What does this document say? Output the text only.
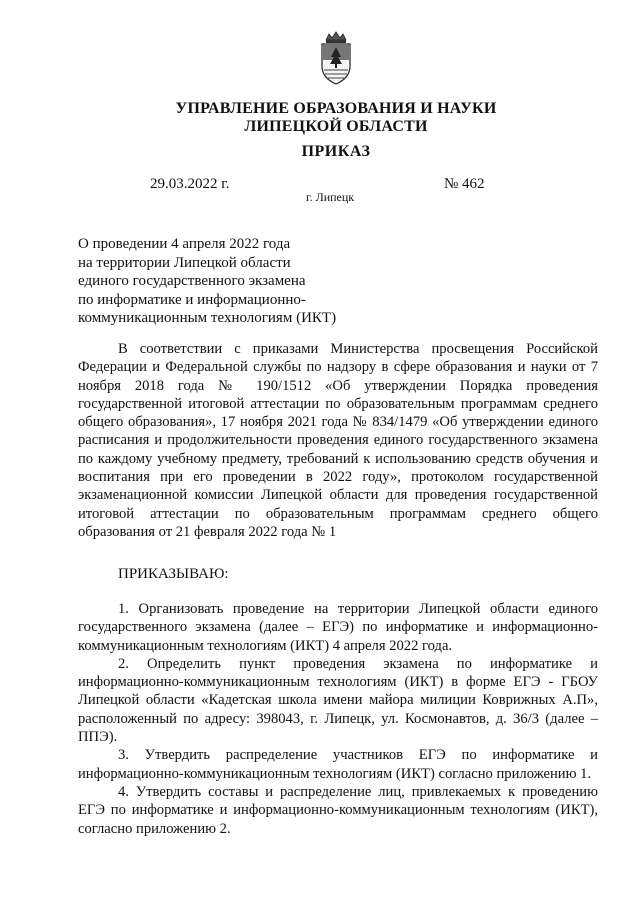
УПРАВЛЕНИЕ ОБРАЗОВАНИЯ И НАУКИ
ЛИПЕЦКОЙ ОБЛАСТИ
ПРИКАЗ
29.03.2022 г.	№ 462
г. Липецк
О проведении 4 апреля 2022 года
на территории Липецкой области
единого государственного экзамена
по информатике и информационно-
коммуникационным технологиям (ИКТ)

В соответствии с приказами Министерства просвещения Российской Федерации и Федеральной службы по надзору в сфере образования и науки от 7 ноября 2018 года № 190/1512 «Об утверждении Порядка проведения государственной итоговой аттестации по образовательным программам среднего общего образования», 17 ноября 2021 года № 834/1479 «Об утверждении единого расписания и продолжительности проведения единого государственного экзамена по каждому учебному предмету, требований к использованию средств обучения и воспитания при его проведении в 2022 году», протоколом государственной экзаменационной комиссии Липецкой области для проведения государственной итоговой аттестации по образовательным программам среднего общего образования от 21 февраля 2022 года № 1

ПРИКАЗЫВАЮ:

1. Организовать проведение на территории Липецкой области единого государственного экзамена (далее – ЕГЭ) по информатике и информационно-коммуникационным технологиям (ИКТ) 4 апреля 2022 года.

2. Определить пункт проведения экзамена по информатике и информационно-коммуникационным технологиям (ИКТ) в форме ЕГЭ - ГБОУ Липецкой области «Кадетская школа имени майора милиции Коврижных А.П», расположенный по адресу: 398043, г. Липецк, ул. Космонавтов, д. 36/3 (далее – ППЭ).

3. Утвердить распределение участников ЕГЭ по информатике и информационно-коммуникационным технологиям (ИКТ) согласно приложению 1.

4. Утвердить составы и распределение лиц, привлекаемых к проведению ЕГЭ по информатике и информационно-коммуникационным технологиям (ИКТ), согласно приложению 2.
